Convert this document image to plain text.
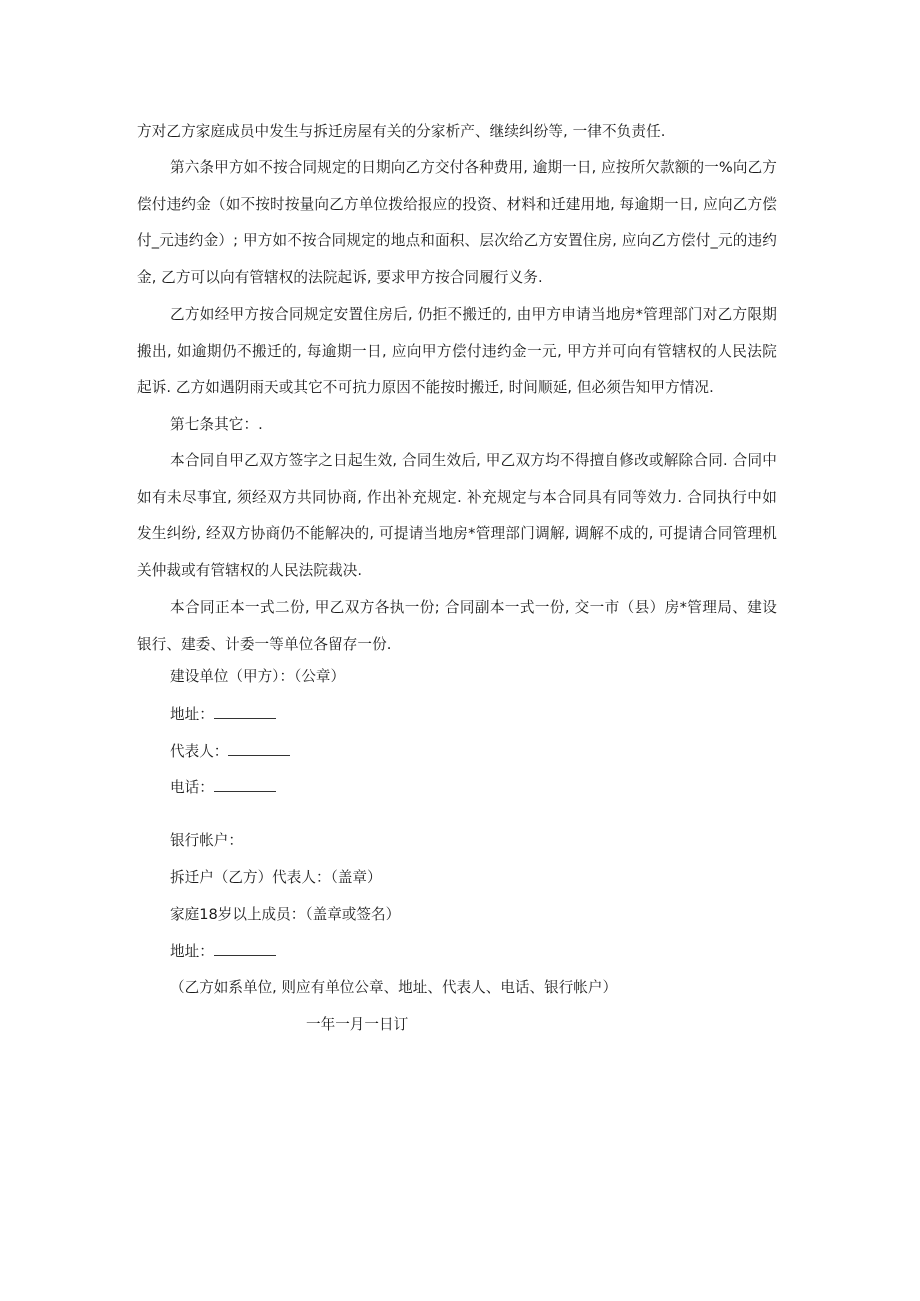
方对乙方家庭成员中发生与拆迁房屋有关的分家析产、继续纠纷等, 一律不负责任.

第六条甲方如不按合同规定的日期向乙方交付各种费用, 逾期一日, 应按所欠款额的一%向乙方偿付违约金（如不按时按量向乙方单位拨给报应的投资、材料和迁建用地, 每逾期一日, 应向乙方偿付_元违约金）; 甲方如不按合同规定的地点和面积、层次给乙方安置住房, 应向乙方偿付_元的违约金, 乙方可以向有管辖权的法院起诉, 要求甲方按合同履行义务.

乙方如经甲方按合同规定安置住房后, 仍拒不搬迁的, 由甲方申请当地房*管理部门对乙方限期搬出, 如逾期仍不搬迁的, 每逾期一日, 应向甲方偿付违约金一元, 甲方并可向有管辖权的人民法院起诉. 乙方如遇阴雨天或其它不可抗力原因不能按时搬迁, 时间顺延, 但必须告知甲方情况.

第七条其它：.

本合同自甲乙双方签字之日起生效, 合同生效后, 甲乙双方均不得擅自修改或解除合同. 合同中如有未尽事宜, 须经双方共同协商, 作出补充规定. 补充规定与本合同具有同等效力. 合同执行中如发生纠纷, 经双方协商仍不能解决的, 可提请当地房*管理部门调解, 调解不成的, 可提请合同管理机关仲裁或有管辖权的人民法院裁决.

本合同正本一式二份, 甲乙双方各执一份; 合同副本一式一份, 交一市（县）房*管理局、建设银行、建委、计委一等单位各留存一份.

建设单位（甲方）：（公章）

地址：

代表人：

电话：

银行帐户：

拆迁户（乙方）代表人：（盖章）

家庭18岁以上成员：（盖章或签名）

地址：

（乙方如系单位, 则应有单位公章、地址、代表人、电话、银行帐户）

一年一月一日订
